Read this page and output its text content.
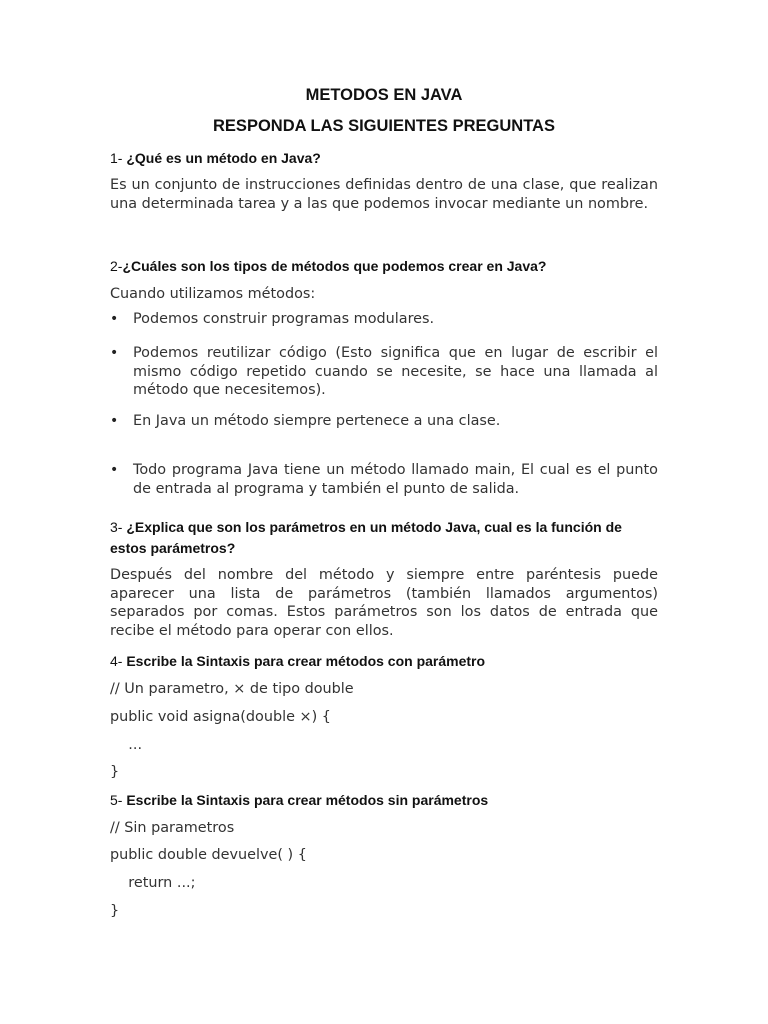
METODOS EN JAVA
RESPONDA LAS SIGUIENTES PREGUNTAS
1- ¿Qué es un método en Java?
Es un conjunto de instrucciones definidas dentro de una clase, que realizan una determinada tarea y a las que podemos invocar mediante un nombre.
2-¿Cuáles son los tipos de métodos que podemos crear en Java?
Cuando utilizamos métodos:
•	Podemos construir programas modulares.
•	Podemos reutilizar código (Esto significa que en lugar de escribir el mismo código repetido cuando se necesite, se hace una llamada al método que necesitemos).
•	En Java un método siempre pertenece a una clase.
•	Todo programa Java tiene un método llamado main, El cual es el punto de entrada al programa y también el punto de salida.
3- ¿Explica que son los parámetros en un método Java, cual es la función de estos parámetros?
Después del nombre del método y siempre entre paréntesis puede aparecer una lista de parámetros (también llamados argumentos) separados por comas. Estos parámetros son los datos de entrada que recibe el método para operar con ellos.
4- Escribe la Sintaxis para crear métodos con parámetro
// Un parametro, × de tipo double
public void asigna(double ×) {
...
}
5- Escribe la Sintaxis para crear métodos sin parámetros
// Sin parametros
public double devuelve( ) {
return ...;
}
